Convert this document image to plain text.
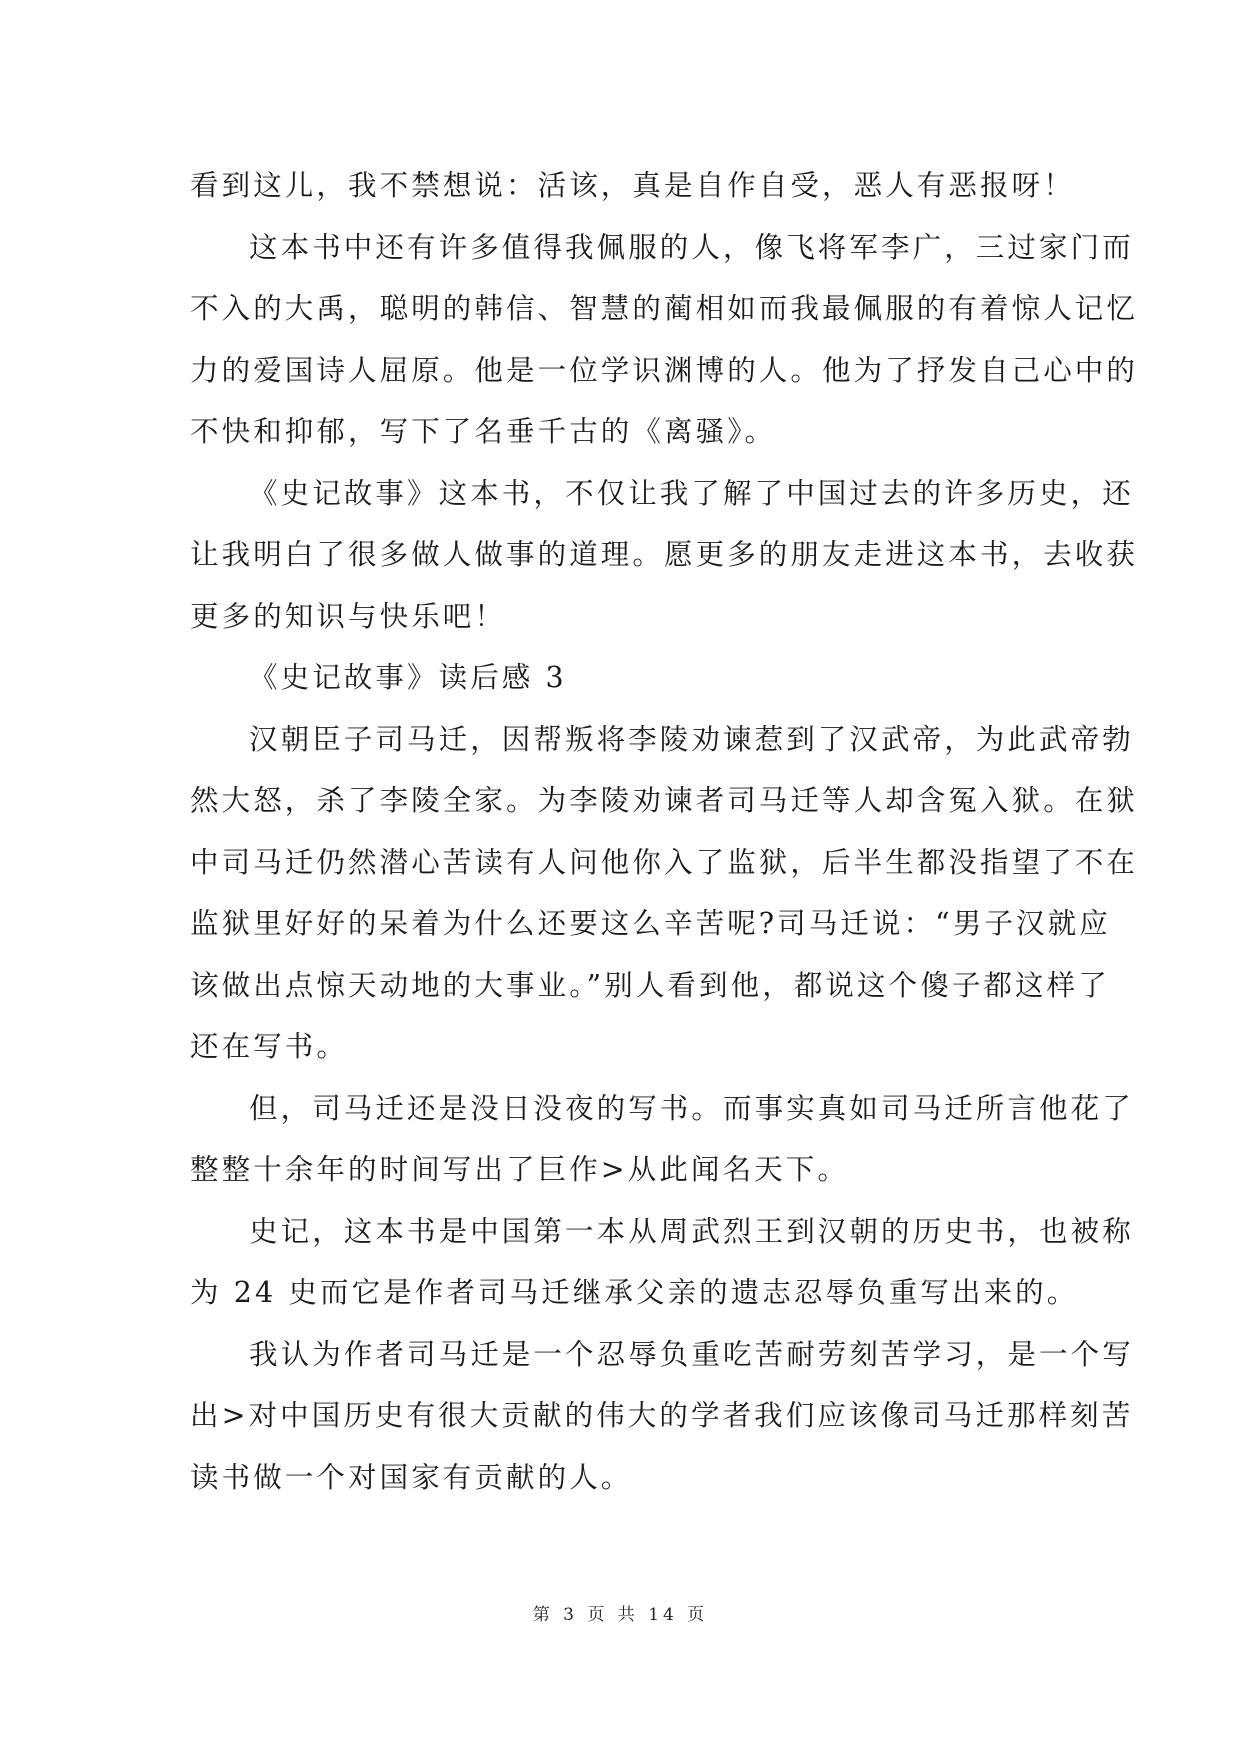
看到这儿，我不禁想说：活该，真是自作自受，恶人有恶报呀！
这本书中还有许多值得我佩服的人，像飞将军李广，三过家门而
不入的大禹，聪明的韩信、智慧的蔺相如而我最佩服的有着惊人记忆
力的爱国诗人屈原。他是一位学识渊博的人。他为了抒发自己心中的
不快和抑郁，写下了名垂千古的《离骚》。
《史记故事》这本书，不仅让我了解了中国过去的许多历史，还
让我明白了很多做人做事的道理。愿更多的朋友走进这本书，去收获
更多的知识与快乐吧！
《史记故事》读后感 3
汉朝臣子司马迁，因帮叛将李陵劝谏惹到了汉武帝，为此武帝勃
然大怒，杀了李陵全家。为李陵劝谏者司马迁等人却含冤入狱。在狱
中司马迁仍然潜心苦读有人问他你入了监狱，后半生都没指望了不在
监狱里好好的呆着为什么还要这么辛苦呢?司马迁说：“男子汉就应
该做出点惊天动地的大事业。”别人看到他，都说这个傻子都这样了
还在写书。
但，司马迁还是没日没夜的写书。而事实真如司马迁所言他花了
整整十余年的时间写出了巨作>从此闻名天下。
史记，这本书是中国第一本从周武烈王到汉朝的历史书，也被称
为 24 史而它是作者司马迁继承父亲的遗志忍辱负重写出来的。
我认为作者司马迁是一个忍辱负重吃苦耐劳刻苦学习，是一个写
出>对中国历史有很大贡献的伟大的学者我们应该像司马迁那样刻苦
读书做一个对国家有贡献的人。
第 3 页 共 14 页
